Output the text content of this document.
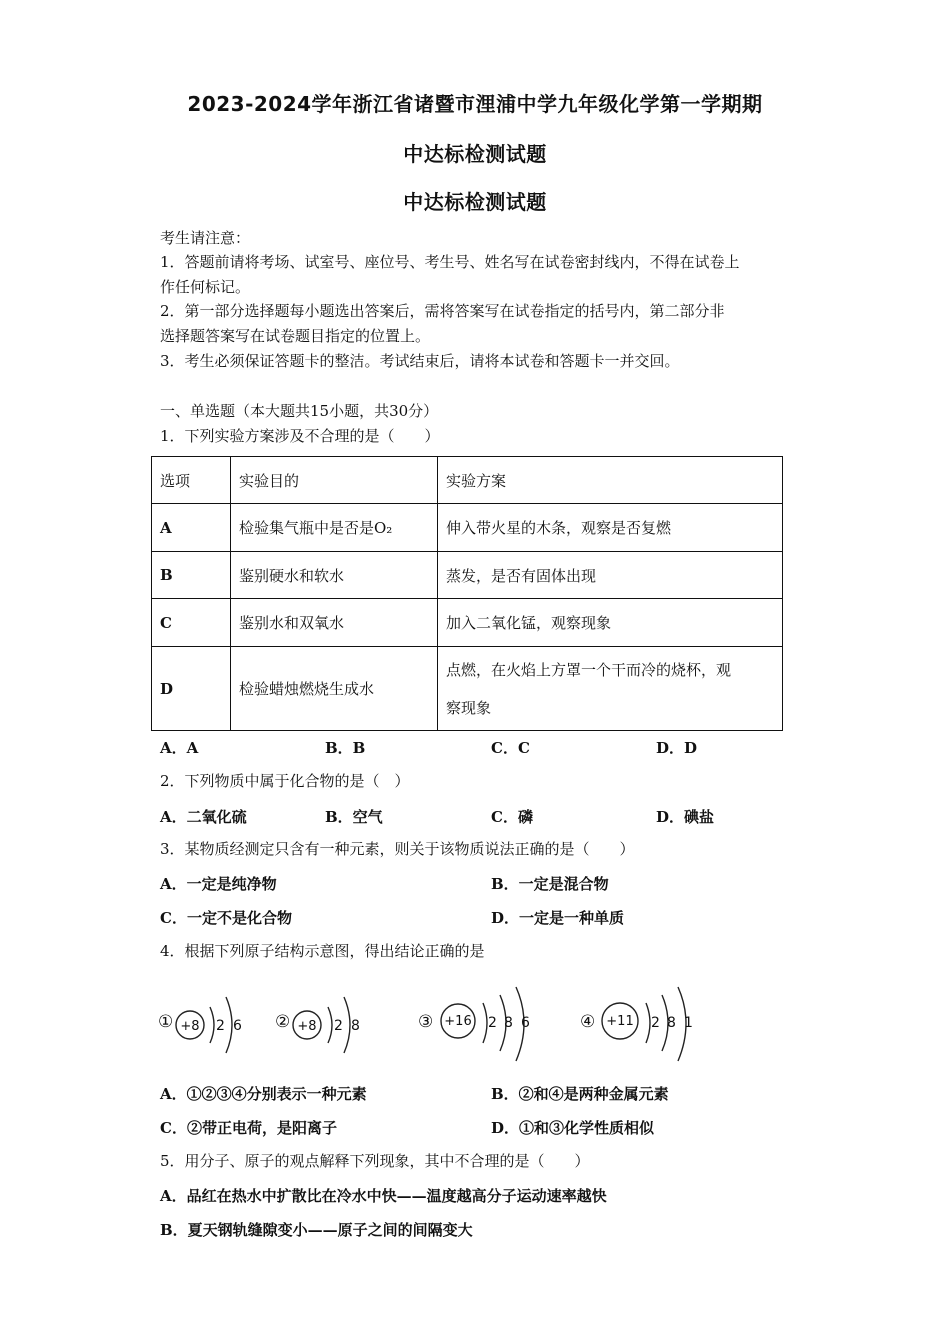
2023-2024学年浙江省诸暨市浬浦中学九年级化学第一学期期
中达标检测试题
中达标检测试题
考生请注意：
1．答题前请将考场、试室号、座位号、考生号、姓名写在试卷密封线内，不得在试卷上
作任何标记。
2．第一部分选择题每小题选出答案后，需将答案写在试卷指定的括号内，第二部分非
选择题答案写在试卷题目指定的位置上。
3．考生必须保证答题卡的整洁。考试结束后，请将本试卷和答题卡一并交回。
一、单选题（本大题共15小题，共30分）
1．下列实验方案涉及不合理的是（　　）
选项	实验目的	实验方案
A	检验集气瓶中是否是O₂	伸入带火星的木条，观察是否复燃
B	鉴别硬水和软水	蒸发，是否有固体出现
C	鉴别水和双氧水	加入二氧化锰，观察现象
D	检验蜡烛燃烧生成水	点燃，在火焰上方罩一个干而冷的烧杯，观
察现象
A．A	B．B	C．C	D．D
2．下列物质中属于化合物的是（　）
A．二氧化硫	B．空气	C．磷	D．碘盐
3．某物质经测定只含有一种元素，则关于该物质说法正确的是（　　）
A．一定是纯净物	B．一定是混合物
C．一定不是化合物	D．一定是一种单质
4．根据下列原子结构示意图，得出结论正确的是
① +8 2 6 ② +8 2 8	③ +16 2 8 6	④ +11 2 8 1
A．①②③④分别表示一种元素	B．②和④是两种金属元素
C．②带正电荷，是阳离子	D．①和③化学性质相似
5．用分子、原子的观点解释下列现象，其中不合理的是（　　）
A．品红在热水中扩散比在冷水中快——温度越高分子运动速率越快
B．夏天钢轨缝隙变小——原子之间的间隔变大
